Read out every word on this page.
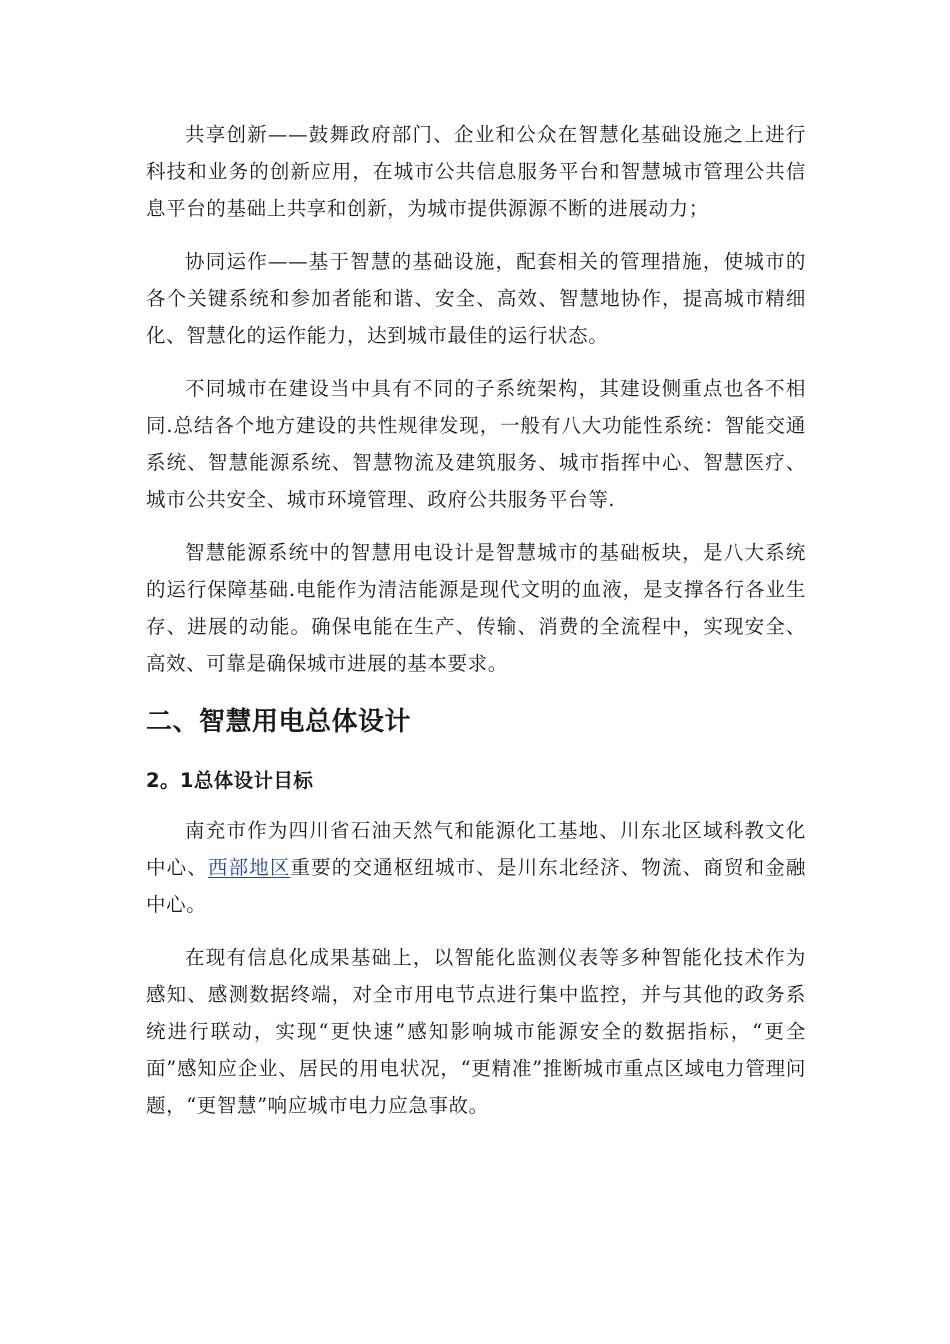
共享创新——鼓舞政府部门、企业和公众在智慧化基础设施之上进行科技和业务的创新应用，在城市公共信息服务平台和智慧城市管理公共信息平台的基础上共享和创新，为城市提供源源不断的进展动力；

协同运作——基于智慧的基础设施，配套相关的管理措施，使城市的各个关键系统和参加者能和谐、安全、高效、智慧地协作，提高城市精细化、智慧化的运作能力，达到城市最佳的运行状态。

不同城市在建设当中具有不同的子系统架构，其建设侧重点也各不相同.总结各个地方建设的共性规律发现，一般有八大功能性系统：智能交通系统、智慧能源系统、智慧物流及建筑服务、城市指挥中心、智慧医疗、城市公共安全、城市环境管理、政府公共服务平台等.

智慧能源系统中的智慧用电设计是智慧城市的基础板块，是八大系统的运行保障基础.电能作为清洁能源是现代文明的血液，是支撑各行各业生存、进展的动能。确保电能在生产、传输、消费的全流程中，实现安全、高效、可靠是确保城市进展的基本要求。

二、智慧用电总体设计
2。1总体设计目标

南充市作为四川省石油天然气和能源化工基地、川东北区域科教文化中心、西部地区重要的交通枢纽城市、是川东北经济、物流、商贸和金融中心。

在现有信息化成果基础上，以智能化监测仪表等多种智能化技术作为感知、感测数据终端，对全市用电节点进行集中监控，并与其他的政务系统进行联动，实现“更快速”感知影响城市能源安全的数据指标，“更全面”感知应企业、居民的用电状况，“更精准”推断城市重点区域电力管理问题，“更智慧”响应城市电力应急事故。
